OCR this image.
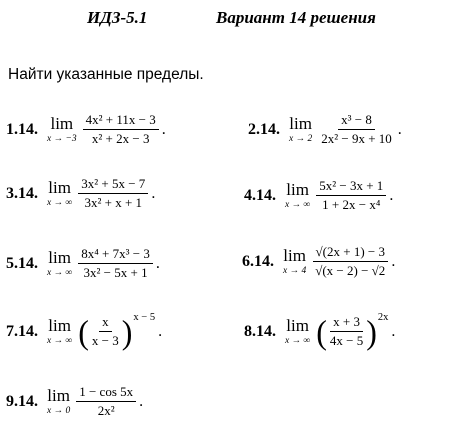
ИДЗ-5.1	Вариант 14 решения
Найти указанные пределы.
1.14. lim
$x \to -3 \frac{\text{4x² + 11x − 3}}{\text{x² + 2x − 3}}$ .	2.14. lim
$x \to 2 \frac{\text{x³ − 8}}{\text{2x² − 9x + 10}}$ .
3.14. lim
x → ∞ $\frac{\text{3x² + 5x − 7}}{\text{3x² + x + 1}}$ .	4.14. lim
x → ∞ $\frac{\text{5x² − 3x + 1}}{\text{1 + 2x − x⁴}}$ .
5.14. lim
x → ∞ $\frac{\text{8x⁴ + 7x³ − 3}}{\text{3x² − 5x + 1}}$ .	6.14. lim
$x \to 4 \frac{√(2x + 1) - 3}{√(x - 2) - √2}$ .
7.14. lim
x → ∞ ( $\frac{x}{x - 3}$ ) x − 5
.	8.14. lim
x → ∞ ( $\frac{x + 3}{4x - 5}$ ) 2x
.
9.14. lim
$x \to 0 \frac{1 - \cos 5x}{\text{2x²}}$ .
